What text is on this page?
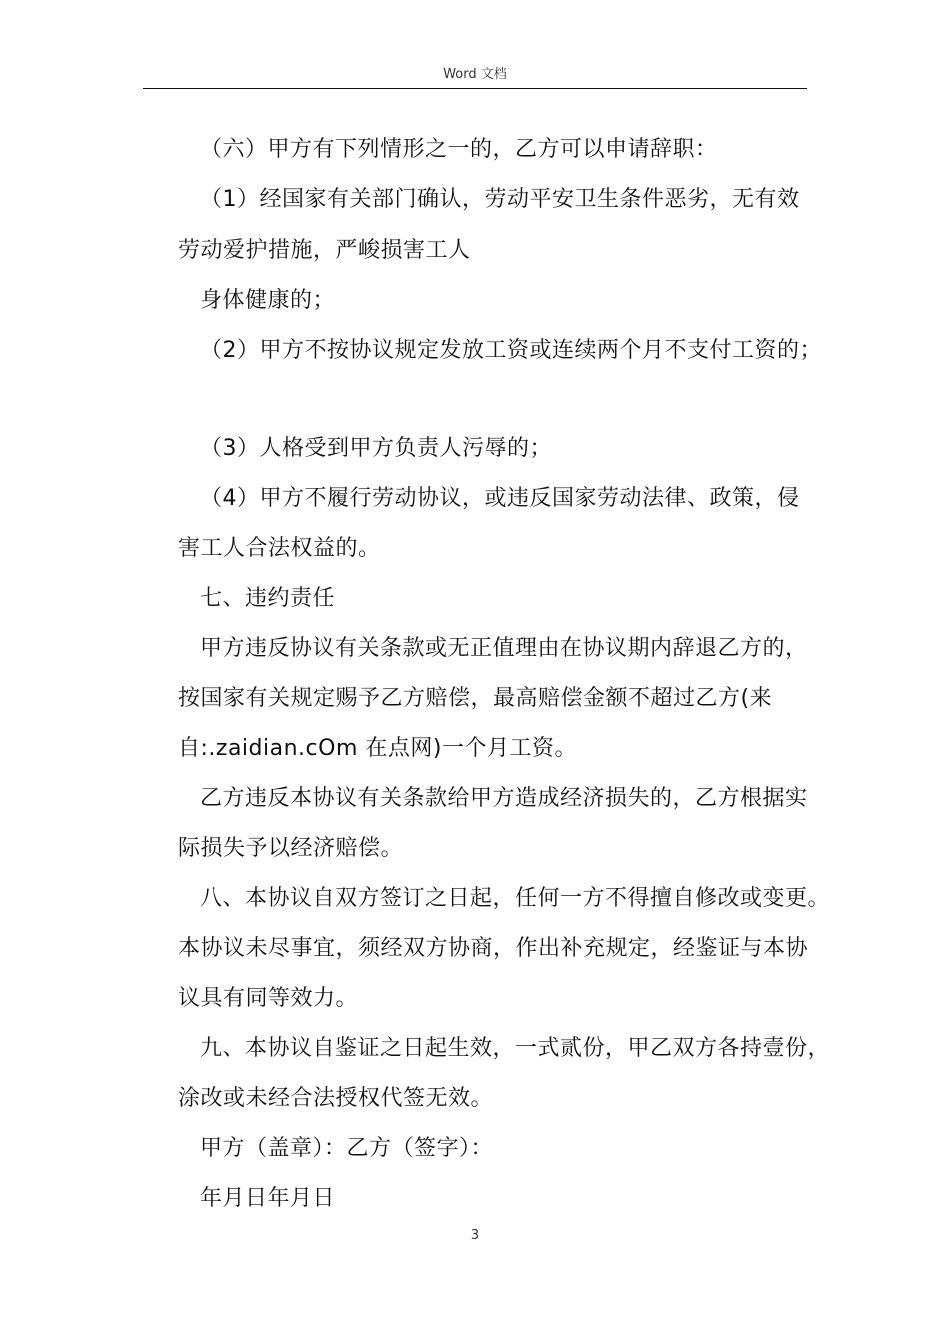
Word 文档
（六）甲方有下列情形之一的，乙方可以申请辞职：
（1）经国家有关部门确认，劳动平安卫生条件恶劣，无有效
劳动爱护措施，严峻损害工人
身体健康的；
（2）甲方不按协议规定发放工资或连续两个月不支付工资的；
（3）人格受到甲方负责人污辱的；
（4）甲方不履行劳动协议，或违反国家劳动法律、政策，侵
害工人合法权益的。
七、违约责任
甲方违反协议有关条款或无正值理由在协议期内辞退乙方的，
按国家有关规定赐予乙方赔偿，最高赔偿金额不超过乙方(来
自:.zaidian.cOm 在点网)一个月工资。
乙方违反本协议有关条款给甲方造成经济损失的，乙方根据实
际损失予以经济赔偿。
八、本协议自双方签订之日起，任何一方不得擅自修改或变更。
本协议未尽事宜，须经双方协商，作出补充规定，经鉴证与本协
议具有同等效力。
九、本协议自鉴证之日起生效，一式贰份，甲乙双方各持壹份，
涂改或未经合法授权代签无效。
甲方（盖章）：乙方（签字）：
年月日年月日
3
